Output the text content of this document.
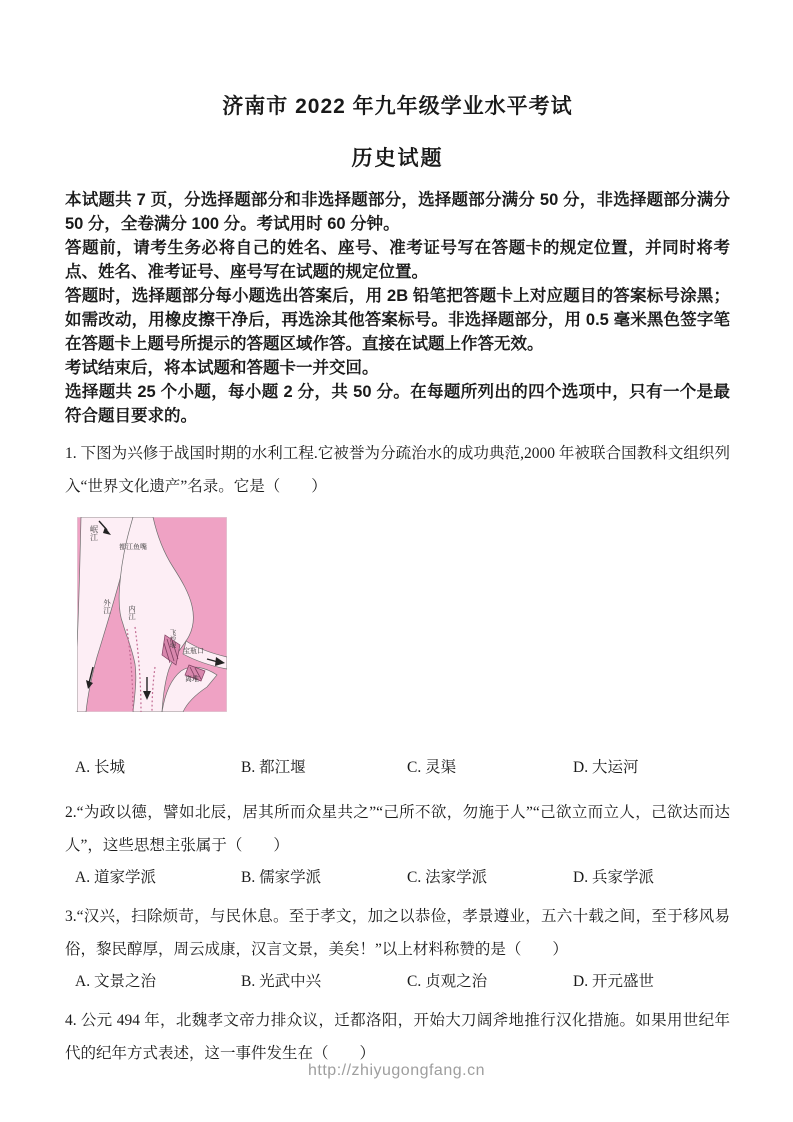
济南市 2022 年九年级学业水平考试
历史试题

本试题共 7 页，分选择题部分和非选择题部分，选择题部分满分 50 分，非选择题部分满分 50 分，全卷满分 100 分。考试用时 60 分钟。

答题前，请考生务必将自己的姓名、座号、准考证号写在答题卡的规定位置，并同时将考点、姓名、准考证号、座号写在试题的规定位置。

答题时，选择题部分每小题选出答案后，用 2B 铅笔把答题卡上对应题目的答案标号涂黑；如需改动，用橡皮擦干净后，再选涂其他答案标号。非选择题部分，用 0.5 毫米黑色签字笔在答题卡上题号所提示的答题区域作答。直接在试题上作答无效。

考试结束后，将本试题和答题卡一并交回。

选择题共 25 个小题，每小题 2 分，共 50 分。在每题所列出的四个选项中，只有一个是最符合题目要求的。

1. 下图为兴修于战国时期的水利工程.它被誉为分疏治水的成功典范,2000 年被联合国教科文组织列入“世界文化遗产”名录。它是（　　）

岷江
都江鱼嘴
外江 内江
飞沙堰
宝瓶口
离堆
A. 长城	B. 都江堰	C. 灵渠	D. 大运河

2.“为政以德，譬如北辰，居其所而众星共之”“己所不欲，勿施于人”“己欲立而立人，己欲达而达人”，这些思想主张属于（　　）

A. 道家学派	B. 儒家学派	C. 法家学派	D. 兵家学派

3.“汉兴，扫除烦苛，与民休息。至于孝文，加之以恭俭，孝景遵业，五六十载之间，至于移风易俗，黎民醇厚，周云成康，汉言文景，美矣！”以上材料称赞的是（　　）

A. 文景之治	B. 光武中兴	C. 贞观之治	D. 开元盛世

4. 公元 494 年，北魏孝文帝力排众议，迁都洛阳，开始大刀阔斧地推行汉化措施。如果用世纪年代的纪年方式表述，这一事件发生在（　　）

http://zhiyugongfang.cn
